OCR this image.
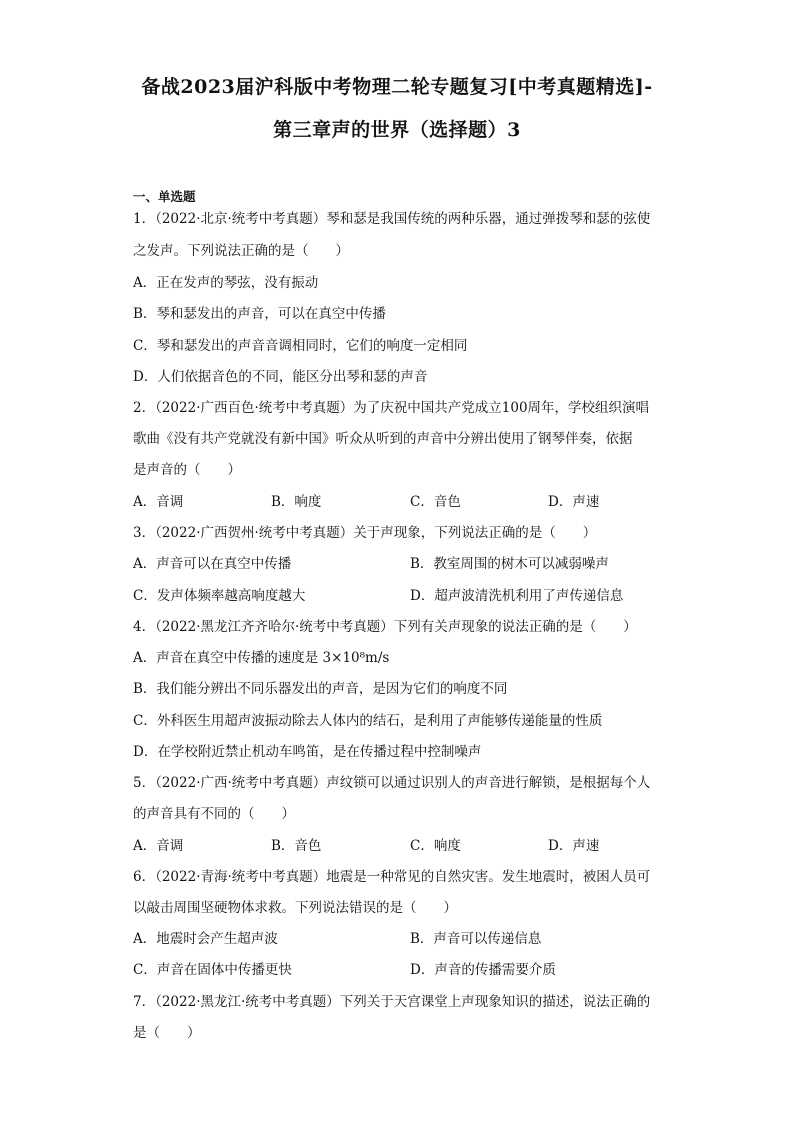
备战2023届沪科版中考物理二轮专题复习[中考真题精选]-
第三章声的世界（选择题）3
一、单选题
1．（2022·北京·统考中考真题）琴和瑟是我国传统的两种乐器，通过弹拨琴和瑟的弦使
之发声。下列说法正确的是（　　）
A．正在发声的琴弦，没有振动
B．琴和瑟发出的声音，可以在真空中传播
C．琴和瑟发出的声音音调相同时，它们的响度一定相同
D．人们依据音色的不同，能区分出琴和瑟的声音
2．（2022·广西百色·统考中考真题）为了庆祝中国共产党成立100周年，学校组织演唱
歌曲《没有共产党就没有新中国》听众从听到的声音中分辨出使用了钢琴伴奏，依据
是声音的（　　）
A．音调	B．响度	C．音色	D．声速
3．（2022·广西贺州·统考中考真题）关于声现象，下列说法正确的是（　　）
A．声音可以在真空中传播	B．教室周围的树木可以减弱噪声
C．发声体频率越高响度越大	D．超声波清洗机利用了声传递信息
4．（2022·黑龙江齐齐哈尔·统考中考真题）下列有关声现象的说法正确的是（　　）
A．声音在真空中传播的速度是 3×10⁸m/s
B．我们能分辨出不同乐器发出的声音，是因为它们的响度不同
C．外科医生用超声波振动除去人体内的结石，是利用了声能够传递能量的性质
D．在学校附近禁止机动车鸣笛，是在传播过程中控制噪声
5．（2022·广西·统考中考真题）声纹锁可以通过识别人的声音进行解锁，是根据每个人
的声音具有不同的（　　）
A．音调	B．音色	C．响度	D．声速
6．（2022·青海·统考中考真题）地震是一种常见的自然灾害。发生地震时，被困人员可
以敲击周围坚硬物体求救。下列说法错误的是（　　）
A．地震时会产生超声波	B．声音可以传递信息
C．声音在固体中传播更快	D．声音的传播需要介质
7．（2022·黑龙江·统考中考真题）下列关于天宫课堂上声现象知识的描述，说法正确的
是（　　）
